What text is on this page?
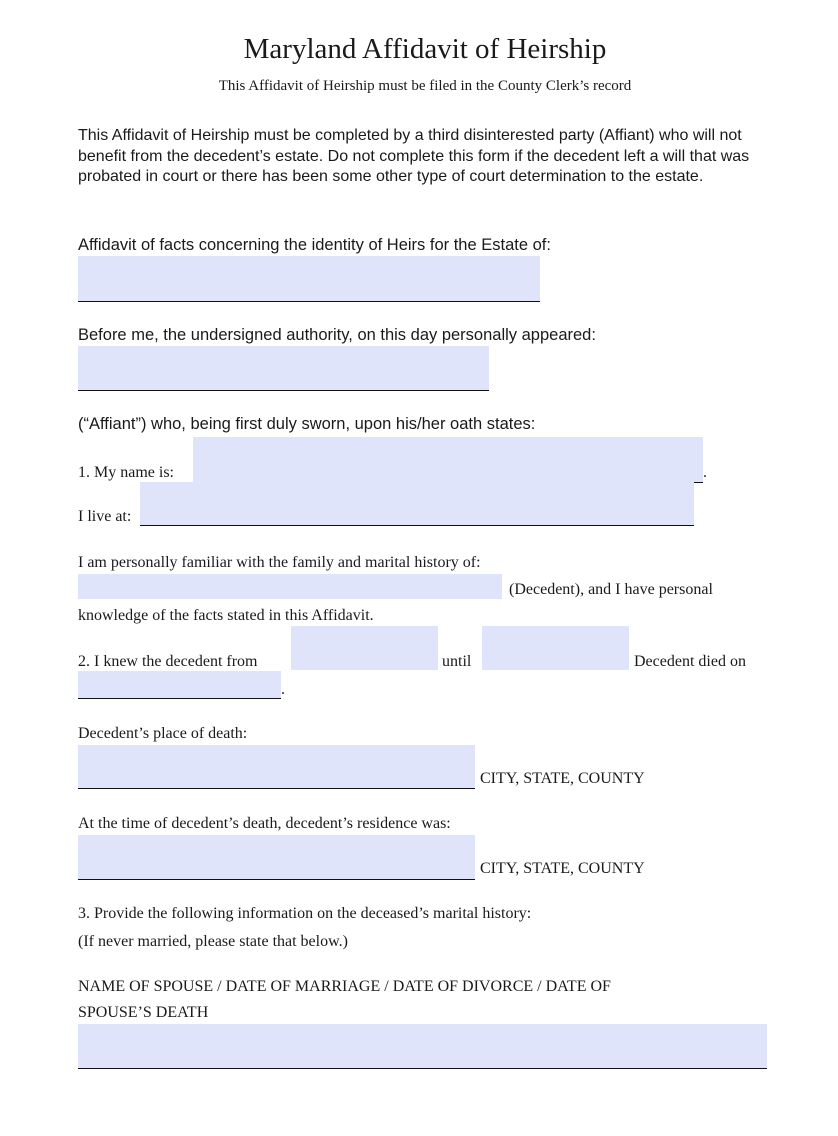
Maryland Affidavit of Heirship
This Affidavit of Heirship must be filed in the County Clerk’s record
This Affidavit of Heirship must be completed by a third disinterested party (Affiant) who will not benefit from the decedent’s estate. Do not complete this form if the decedent left a will that was probated in court or there has been some other type of court determination to the estate.
Affidavit of facts concerning the identity of Heirs for the Estate of:
Before me, the undersigned authority, on this day personally appeared:
(“Affiant”) who, being first duly sworn, upon his/her oath states:
1. My name is:	.
I live at:
I am personally familiar with the family and marital history of:
(Decedent), and I have personal
knowledge of the facts stated in this Affidavit.
2. I knew the decedent from	until	Decedent died on
.
Decedent’s place of death:
CITY, STATE, COUNTY
At the time of decedent’s death, decedent’s residence was:
CITY, STATE, COUNTY
3. Provide the following information on the deceased’s marital history:
(If never married, please state that below.)
NAME OF SPOUSE / DATE OF MARRIAGE / DATE OF DIVORCE / DATE OF
SPOUSE’S DEATH
